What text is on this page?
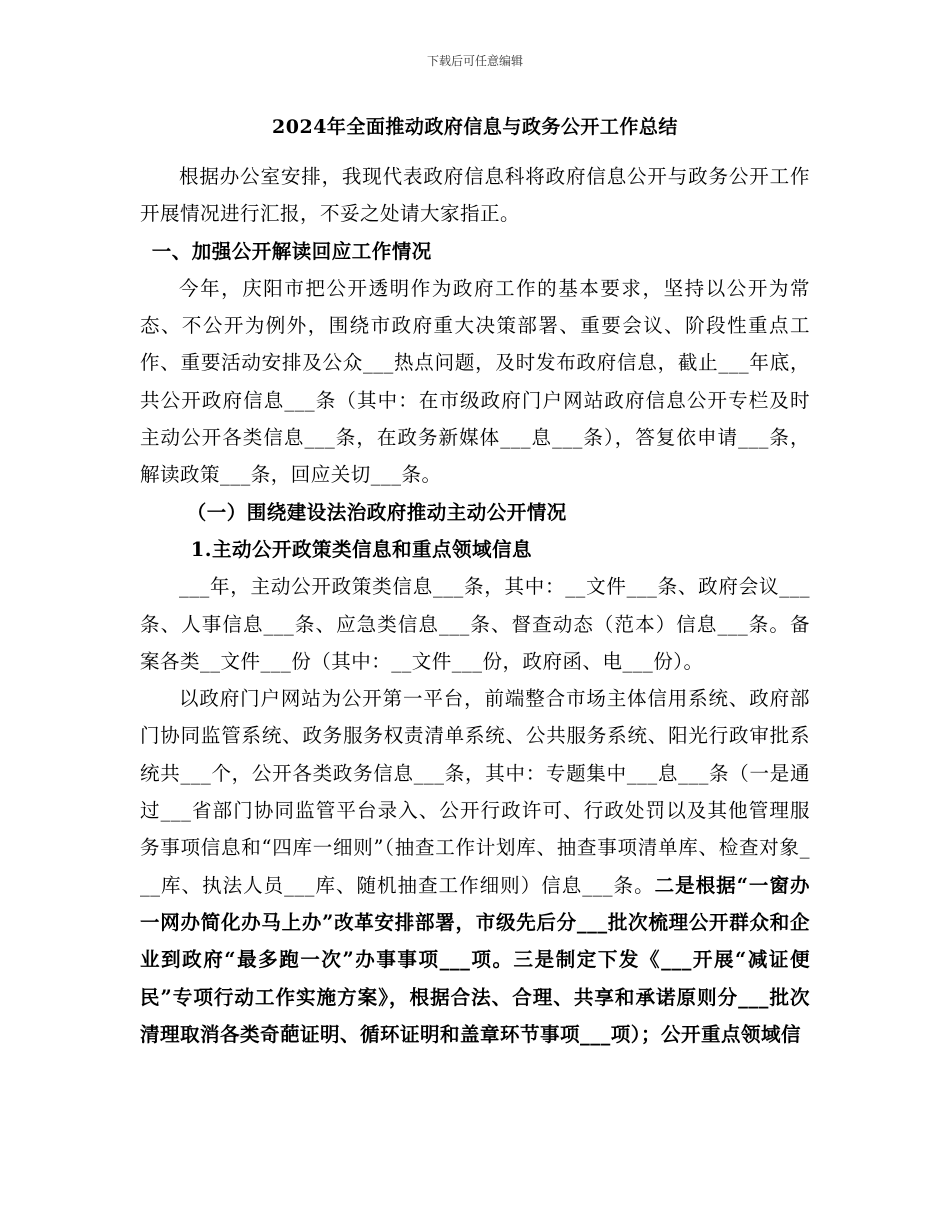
下载后可任意编辑
2024年全面推动政府信息与政务公开工作总结

根据办公室安排，我现代表政府信息科将政府信息公开与政务公开工作开展情况进行汇报，不妥之处请大家指正。

一、加强公开解读回应工作情况

今年，庆阳市把公开透明作为政府工作的基本要求，坚持以公开为常态、不公开为例外，围绕市政府重大决策部署、重要会议、阶段性重点工作、重要活动安排及公众___热点问题，及时发布政府信息，截止___年底，共公开政府信息___条（其中：在市级政府门户网站政府信息公开专栏及时主动公开各类信息___条，在政务新媒体___息___条），答复依申请___条，解读政策___条，回应关切___条。

（一）围绕建设法治政府推动主动公开情况

1.主动公开政策类信息和重点领域信息

___年，主动公开政策类信息___条，其中：__文件___条、政府会议___条、人事信息___条、应急类信息___条、督查动态（范本）信息___条。备案各类__文件___份（其中：__文件___份，政府函、电___份）。

以政府门户网站为公开第一平台，前端整合市场主体信用系统、政府部门协同监管系统、政务服务权责清单系统、公共服务系统、阳光行政审批系统共___个，公开各类政务信息___条，其中：专题集中___息___条（一是通过___省部门协同监管平台录入、公开行政许可、行政处罚以及其他管理服务事项信息和“四库一细则”（抽查工作计划库、抽查事项清单库、检查对象___库、执法人员___库、随机抽查工作细则）信息___条。二是根据“一窗办一网办简化办马上办”改革安排部署，市级先后分___批次梳理公开群众和企业到政府“最多跑一次”办事事项___项。三是制定下发《___开展“减证便民”专项行动工作实施方案》，根据合法、合理、共享和承诺原则分___批次清理取消各类奇葩证明、循环证明和盖章环节事项___项）；公开重点领域信
